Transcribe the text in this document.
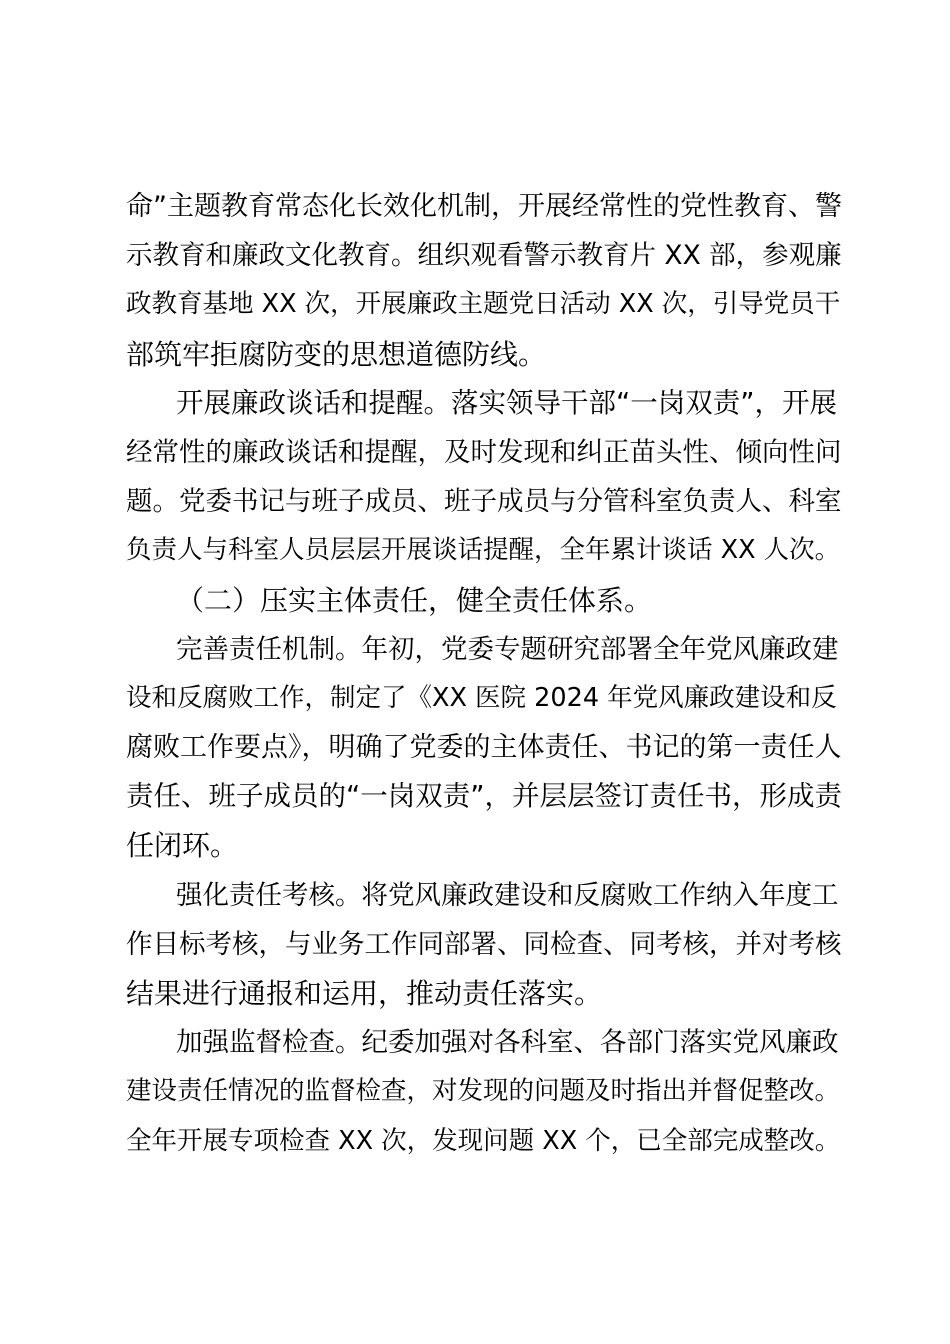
命”主题教育常态化长效化机制，开展经常性的党性教育、警
示教育和廉政文化教育。组织观看警示教育片 XX 部，参观廉
政教育基地 XX 次，开展廉政主题党日活动 XX 次，引导党员干
部筑牢拒腐防变的思想道德防线。
开展廉政谈话和提醒。落实领导干部“一岗双责”，开展
经常性的廉政谈话和提醒，及时发现和纠正苗头性、倾向性问
题。党委书记与班子成员、班子成员与分管科室负责人、科室
负责人与科室人员层层开展谈话提醒，全年累计谈话 XX 人次。
（二）压实主体责任，健全责任体系。
完善责任机制。年初，党委专题研究部署全年党风廉政建
设和反腐败工作，制定了《XX 医院 2024 年党风廉政建设和反
腐败工作要点》，明确了党委的主体责任、书记的第一责任人
责任、班子成员的“一岗双责”，并层层签订责任书，形成责
任闭环。
强化责任考核。将党风廉政建设和反腐败工作纳入年度工
作目标考核，与业务工作同部署、同检查、同考核，并对考核
结果进行通报和运用，推动责任落实。
加强监督检查。纪委加强对各科室、各部门落实党风廉政
建设责任情况的监督检查，对发现的问题及时指出并督促整改。
全年开展专项检查 XX 次，发现问题 XX 个，已全部完成整改。
